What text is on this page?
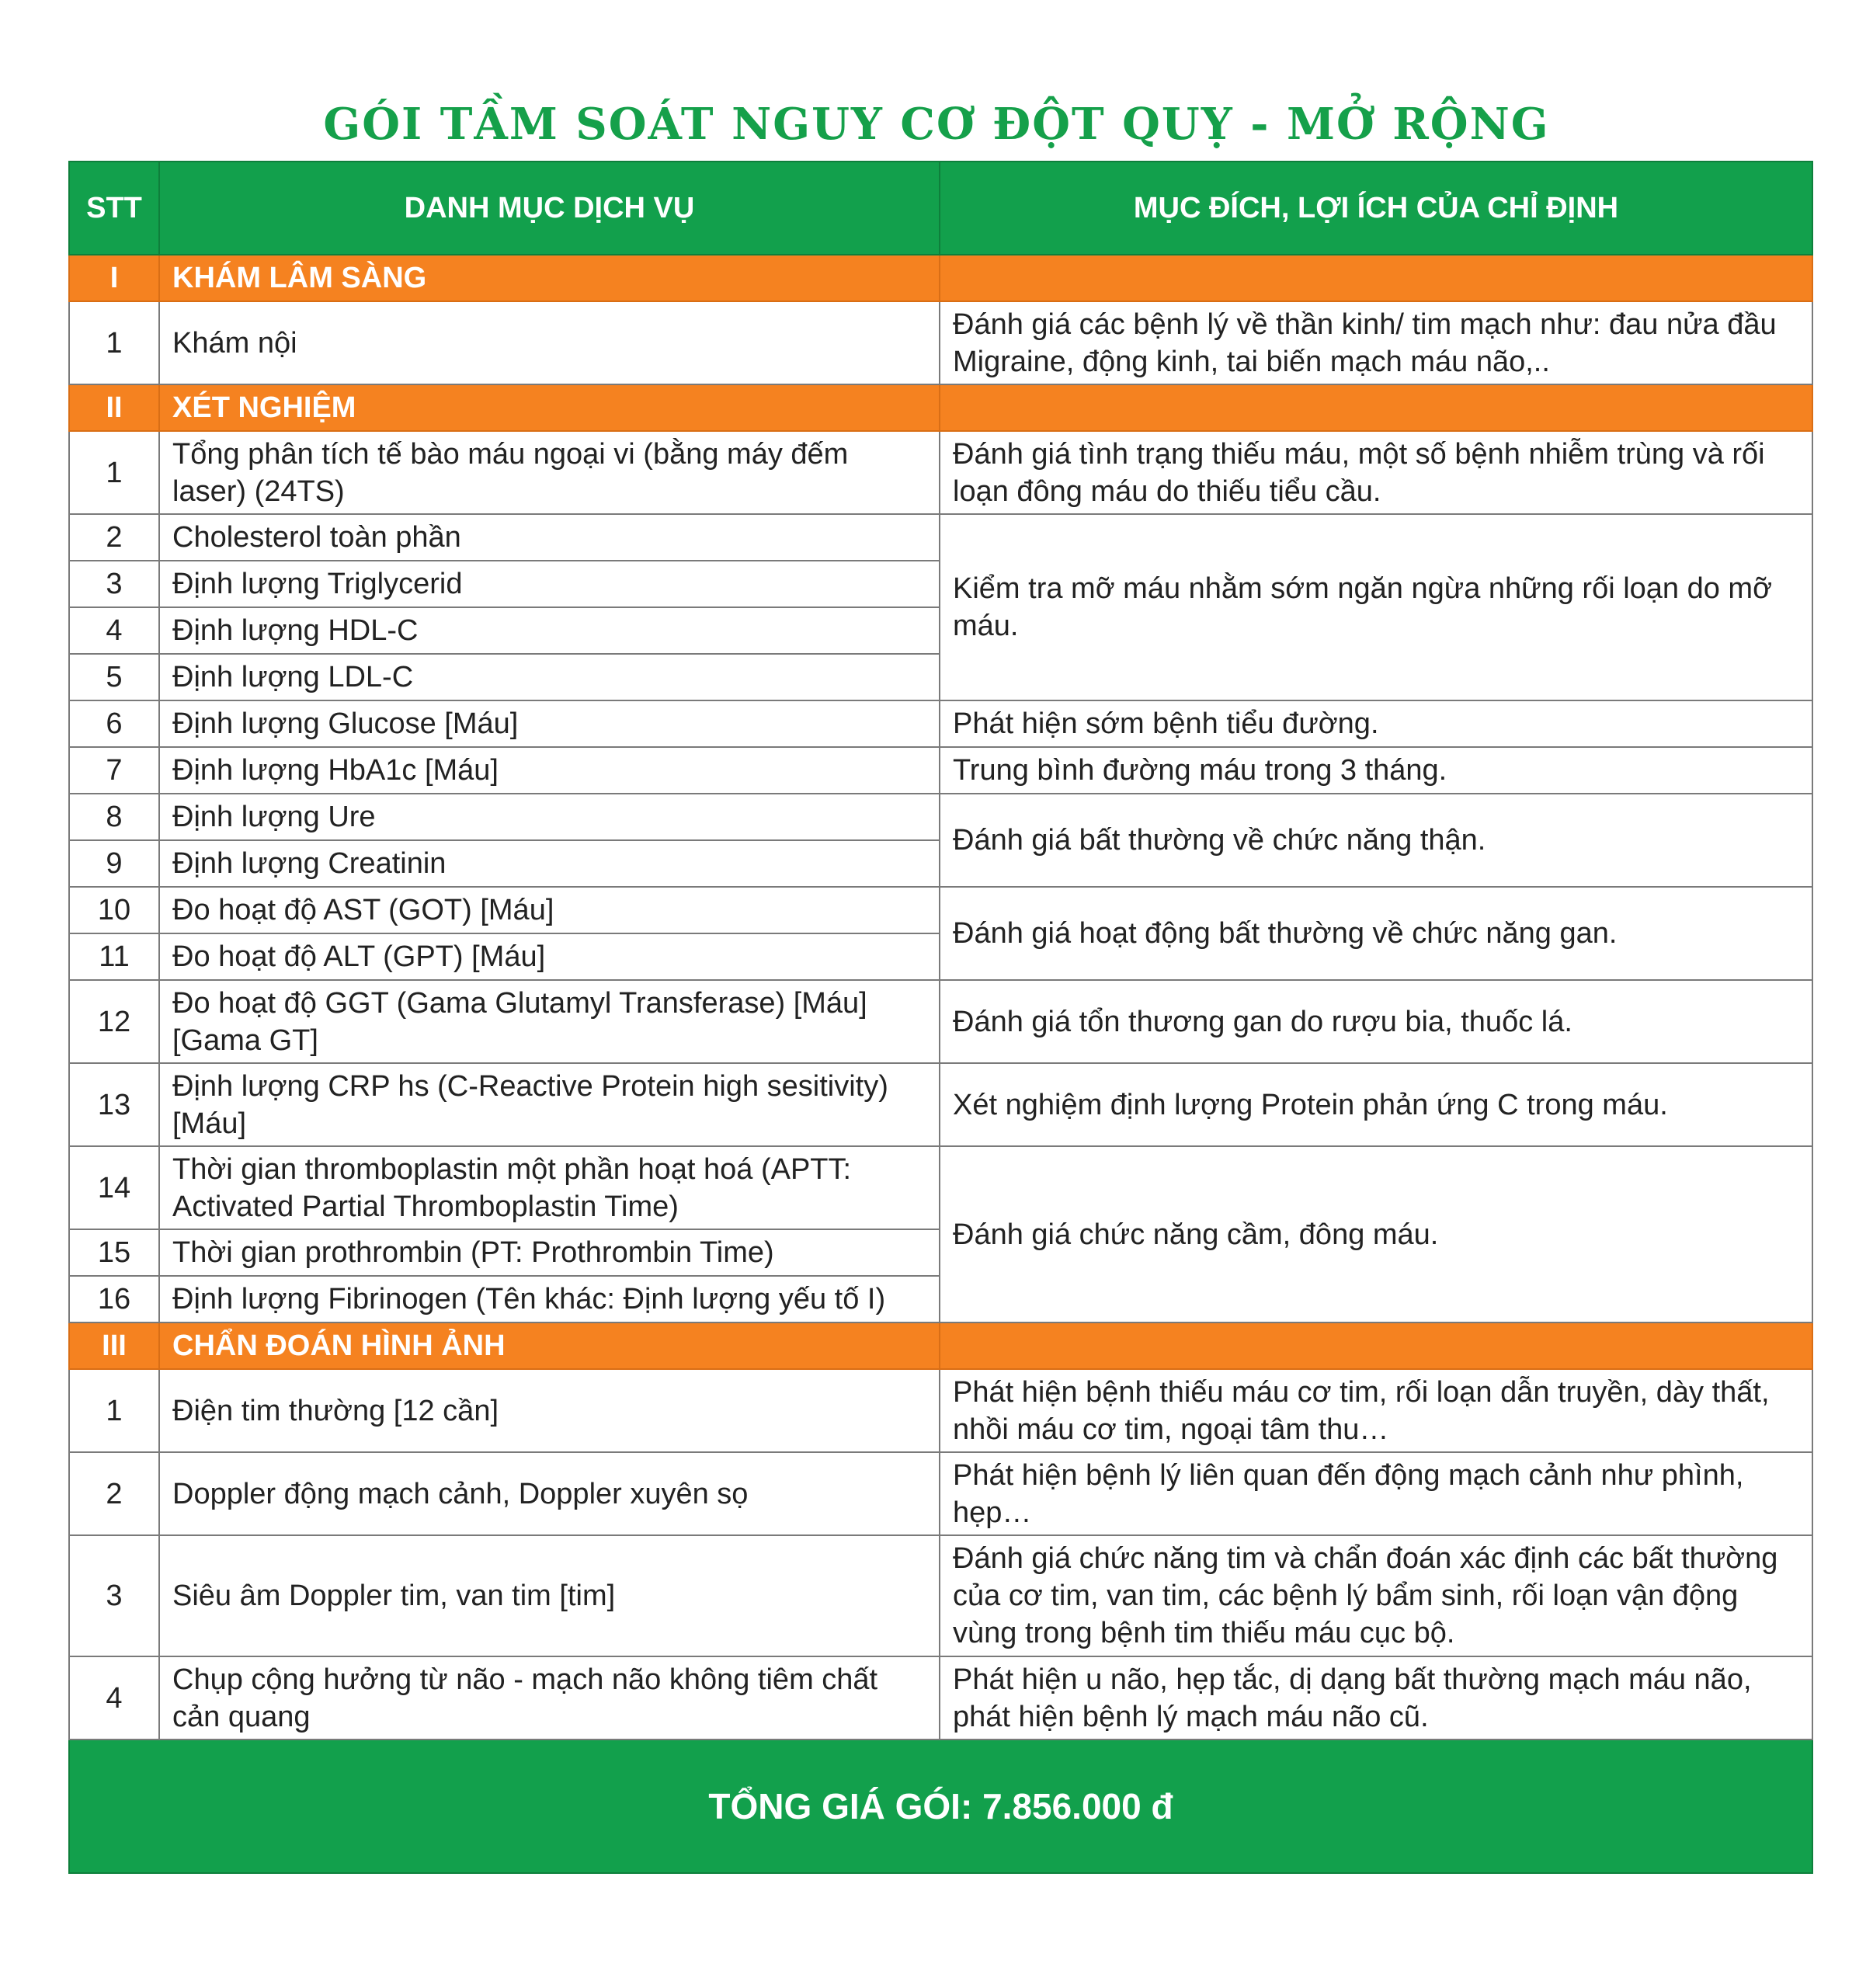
GÓI TẦM SOÁT NGUY CƠ ĐỘT QUỴ - MỞ RỘNG
STT	DANH MỤC DỊCH VỤ	MỤC ĐÍCH, LỢI ÍCH CỦA CHỈ ĐỊNH
I	KHÁM LÂM SÀNG	
1	Khám nội	Đánh giá các bệnh lý về thần kinh/ tim mạch như: đau nửa đầu Migraine, động kinh, tai biến mạch máu não,..
II	XÉT NGHIỆM	
1	Tổng phân tích tế bào máu ngoại vi (bằng máy đếm laser) (24TS)	Đánh giá tình trạng thiếu máu, một số bệnh nhiễm trùng và rối loạn đông máu do thiếu tiểu cầu.
2	Cholesterol toàn phần	Kiểm tra mỡ máu nhằm sớm ngăn ngừa những rối loạn do mỡ máu.
3	Định lượng Triglycerid	
4	Định lượng HDL-C	
5	Định lượng LDL-C	
6	Định lượng Glucose [Máu]	Phát hiện sớm bệnh tiểu đường.
7	Định lượng HbA1c [Máu]	Trung bình đường máu trong 3 tháng.
8	Định lượng Ure	Đánh giá bất thường về chức năng thận.
9	Định lượng Creatinin	
10	Đo hoạt độ AST (GOT) [Máu]	Đánh giá hoạt động bất thường về chức năng gan.
11	Đo hoạt độ ALT (GPT) [Máu]	
12	Đo hoạt độ GGT (Gama Glutamyl Transferase) [Máu] [Gama GT]	Đánh giá tổn thương gan do rượu bia, thuốc lá.
13	Định lượng CRP hs (C-Reactive Protein high sesitivity) [Máu]	Xét nghiệm định lượng Protein phản ứng C trong máu.
14	Thời gian thromboplastin một phần hoạt hoá (APTT: Activated Partial Thromboplastin Time)	Đánh giá chức năng cầm, đông máu.
15	Thời gian prothrombin (PT: Prothrombin Time)	
16	Định lượng Fibrinogen (Tên khác: Định lượng yếu tố I)	
III	CHẨN ĐOÁN HÌNH ẢNH	
1	Điện tim thường [12 cần]	Phát hiện bệnh thiếu máu cơ tim, rối loạn dẫn truyền, dày thất, nhồi máu cơ tim, ngoại tâm thu…
2	Doppler động mạch cảnh, Doppler xuyên sọ	Phát hiện bệnh lý liên quan đến động mạch cảnh như phình, hẹp…
3	Siêu âm Doppler tim, van tim [tim]	Đánh giá chức năng tim và chẩn đoán xác định các bất thường của cơ tim, van tim, các bệnh lý bẩm sinh, rối loạn vận động vùng trong bệnh tim thiếu máu cục bộ.
4	Chụp cộng hưởng từ não - mạch não không tiêm chất cản quang	Phát hiện u não, hẹp tắc, dị dạng bất thường mạch máu não, phát hiện bệnh lý mạch máu não cũ.
TỔNG GIÁ GÓI: 7.856.000 đ		
